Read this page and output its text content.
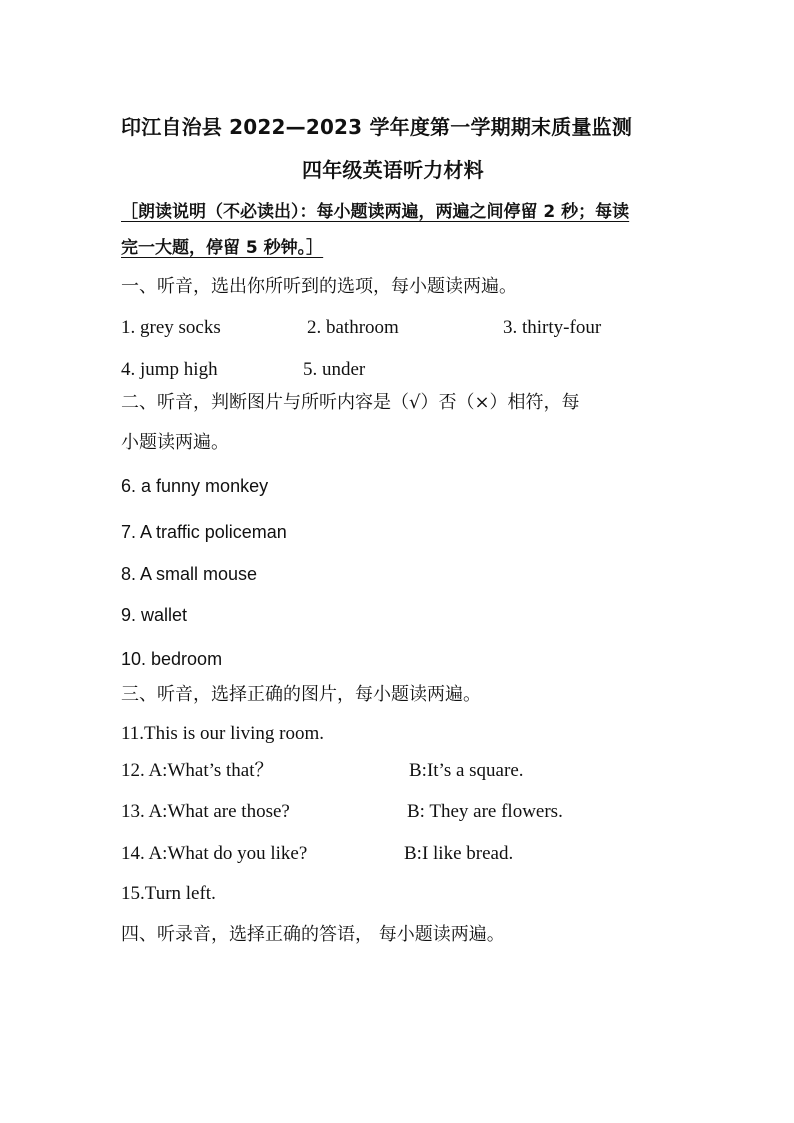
印江自治县 2022—2023 学年度第一学期期末质量监测
四年级英语听力材料
［朗读说明（不必读出）：每小题读两遍，两遍之间停留 2 秒；每读
完一大题，停留 5 秒钟。］
一、听音，选出你所听到的选项，每小题读两遍。
1. grey socks	2. bathroom	3. thirty-four
4. jump high	5. under
二、听音，判断图片与所听内容是（√）否（×）相符，每
小题读两遍。
6. a funny monkey
7. A traffic policeman
8. A small mouse
9. wallet
10. bedroom
三、听音，选择正确的图片，每小题读两遍。
11.This is our living room.
12. A:What’s that？	B:It’s a square.
13. A:What are those?	B: They are flowers.
14. A:What do you like?	B:I like bread.
15.Turn left.
四、听录音，选择正确的答语， 每小题读两遍。
